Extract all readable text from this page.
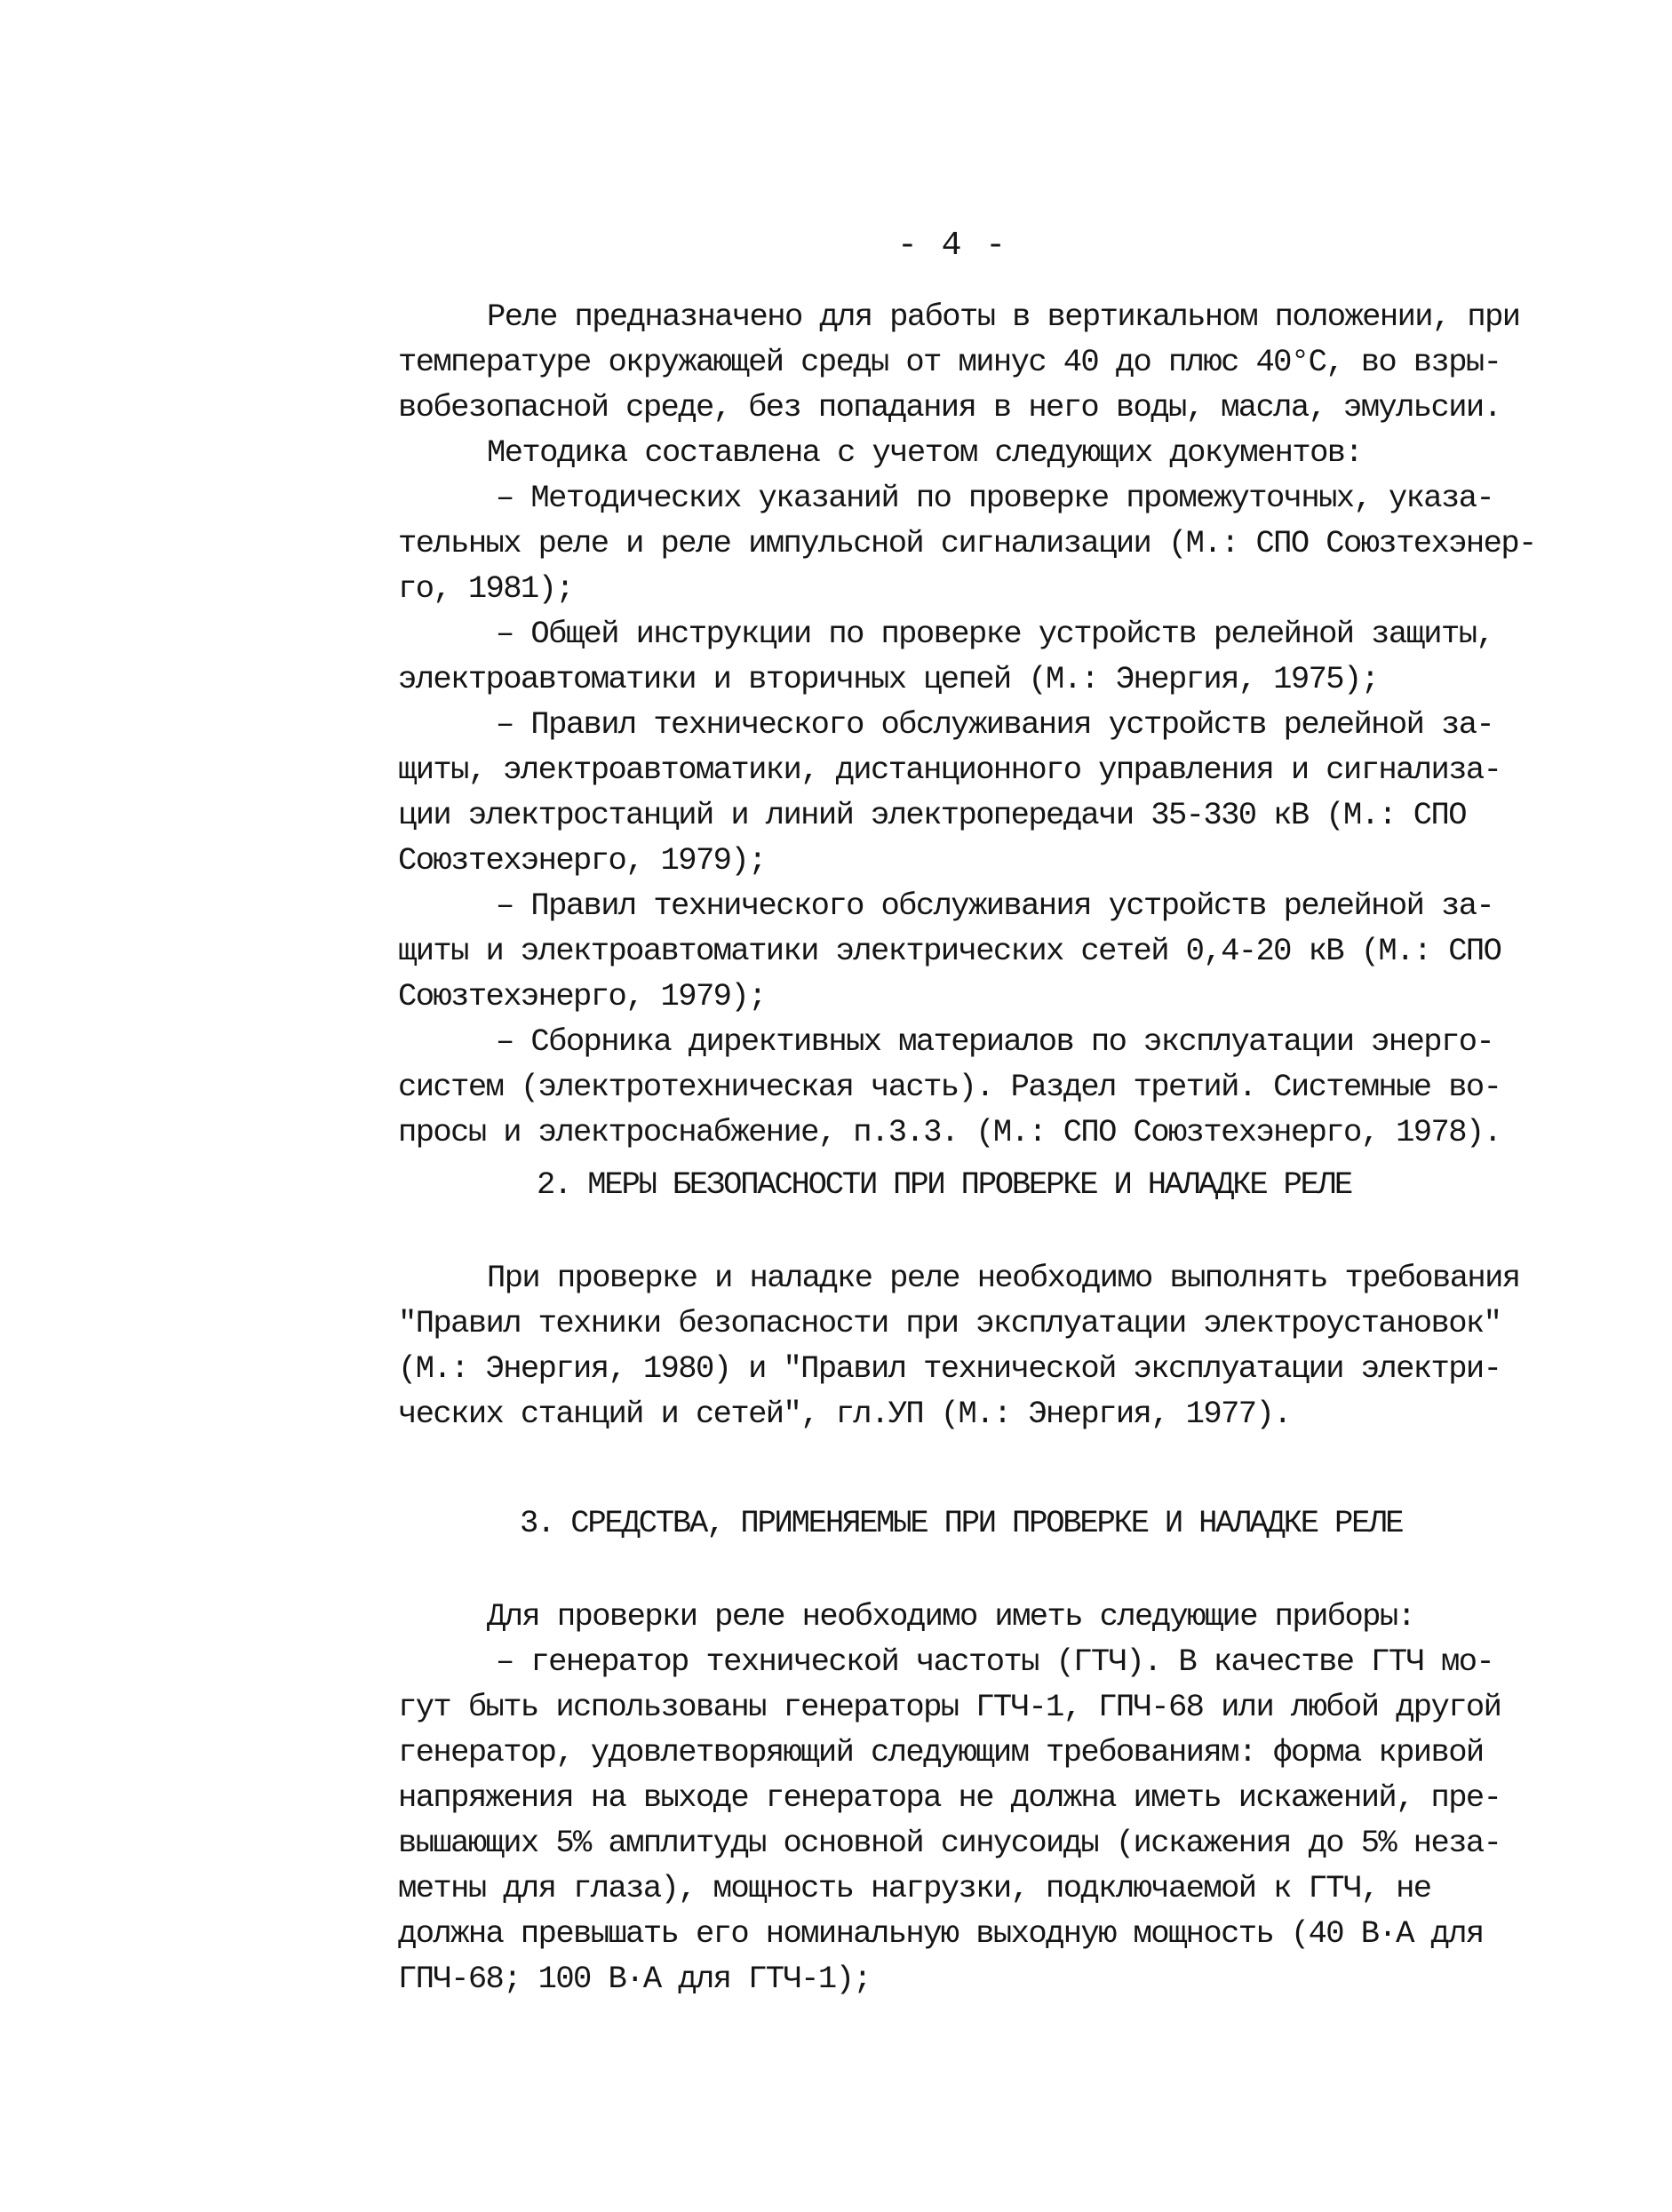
- 4 -
Реле предназначено для работы в вертикальном положении, при
температуре окружающей среды от минус 40 до плюс 40°С, во взры-
вобезопасной среде, без попадания в него воды, масла, эмульсии.
Методика составлена с учетом следующих документов:
– Методических указаний по проверке промежуточных, указа-
тельных реле и реле импульсной сигнализации (М.: СПО Союзтехэнер-
го, 1981);
– Общей инструкции по проверке устройств релейной защиты,
электроавтоматики и вторичных цепей (М.: Энергия, 1975);
– Правил технического обслуживания устройств релейной за-
щиты, электроавтоматики, дистанционного управления и сигнализа-
ции электростанций и линий электропередачи 35-330 кВ (М.: СПО
Союзтехэнерго, 1979);
– Правил технического обслуживания устройств релейной за-
щиты и электроавтоматики электрических сетей 0,4-20 кВ (М.: СПО
Союзтехэнерго, 1979);
– Сборника директивных материалов по эксплуатации энерго-
систем (электротехническая часть). Раздел третий. Системные во-
просы и электроснабжение, п.3.3. (М.: СПО Союзтехэнерго, 1978).
2. МЕРЫ БЕЗОПАСНОСТИ ПРИ ПРОВЕРКЕ И НАЛАДКЕ РЕЛЕ
При проверке и наладке реле необходимо выполнять требования
"Правил техники безопасности при эксплуатации электроустановок"
(М.: Энергия, 1980) и "Правил технической эксплуатации электри-
ческих станций и сетей", гл.УП (М.: Энергия, 1977).
3. СРЕДСТВА, ПРИМЕНЯЕМЫЕ ПРИ ПРОВЕРКЕ И НАЛАДКЕ РЕЛЕ
Для проверки реле необходимо иметь следующие приборы:
– генератор технической частоты (ГТЧ). В качестве ГТЧ мо-
гут быть использованы генераторы ГТЧ-1, ГПЧ-68 или любой другой
генератор, удовлетворяющий следующим требованиям: форма кривой
напряжения на выходе генератора не должна иметь искажений, пре-
вышающих 5% амплитуды основной синусоиды (искажения до 5% неза-
метны для глаза), мощность нагрузки, подключаемой к ГТЧ, не
должна превышать его номинальную выходную мощность (40 В·А для
ГПЧ-68; 100 В·А для ГТЧ-1);
